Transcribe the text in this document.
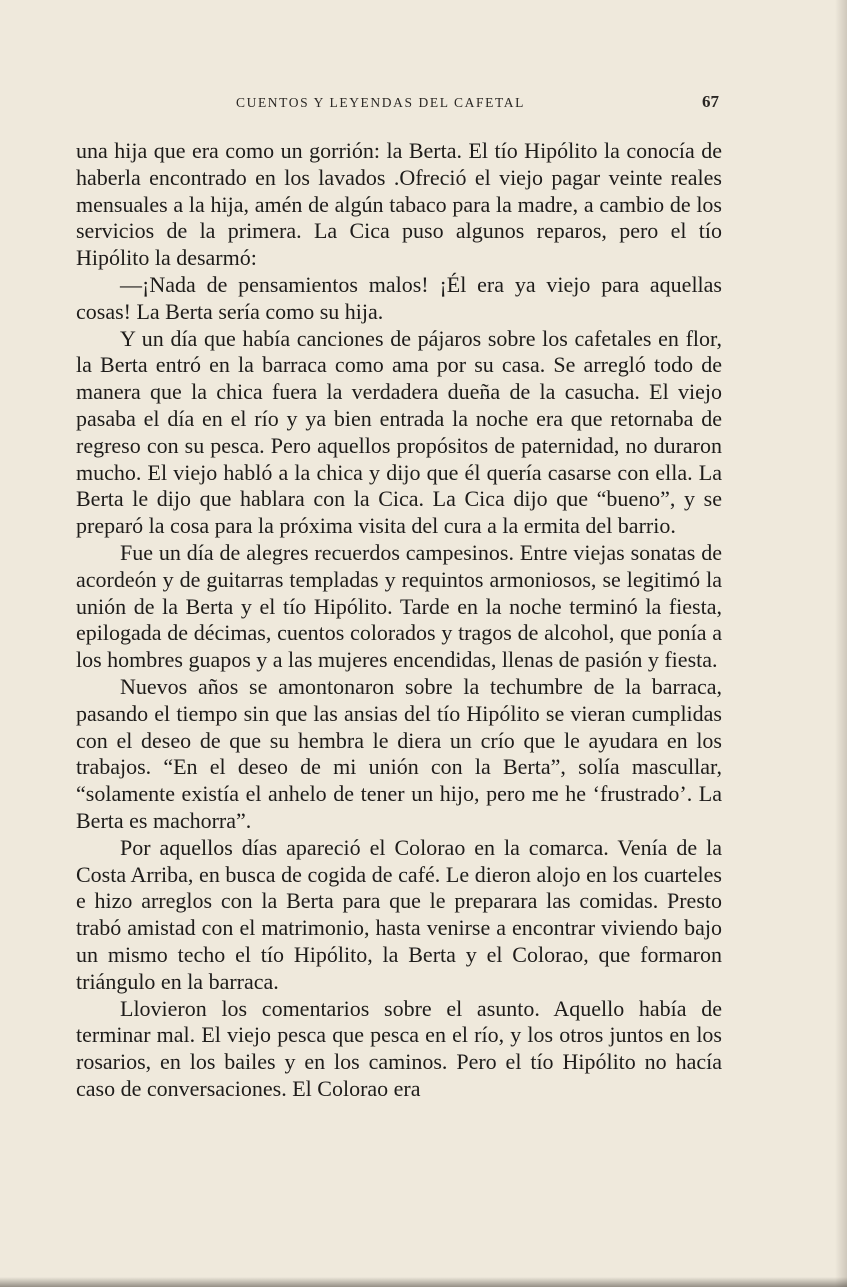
CUENTOS Y LEYENDAS DEL CAFETAL	67

una hija que era como un gorrión: la Berta. El tío Hipólito la conocía de haberla encontrado en los lavados .Ofreció el viejo pagar veinte reales mensuales a la hija, amén de algún tabaco para la madre, a cambio de los servicios de la primera. La Cica puso algunos reparos, pero el tío Hipólito la desarmó:

—¡Nada de pensamientos malos! ¡Él era ya viejo para aquellas cosas! La Berta sería como su hija.

Y un día que había canciones de pájaros sobre los cafetales en flor, la Berta entró en la barraca como ama por su casa. Se arregló todo de manera que la chica fuera la verdadera dueña de la casucha. El viejo pasaba el día en el río y ya bien entrada la noche era que retornaba de regreso con su pesca. Pero aquellos propósitos de paternidad, no duraron mucho. El viejo habló a la chica y dijo que él quería casarse con ella. La Berta le dijo que hablara con la Cica. La Cica dijo que “bueno”, y se preparó la cosa para la próxima visita del cura a la ermita del barrio.

Fue un día de alegres recuerdos campesinos. Entre viejas sonatas de acordeón y de guitarras templadas y requintos armoniosos, se legitimó la unión de la Berta y el tío Hipólito. Tarde en la noche terminó la fiesta, epilogada de décimas, cuentos colorados y tragos de alcohol, que ponía a los hombres guapos y a las mujeres encendidas, llenas de pasión y fiesta.

Nuevos años se amontonaron sobre la techumbre de la barraca, pasando el tiempo sin que las ansias del tío Hipólito se vieran cumplidas con el deseo de que su hembra le diera un crío que le ayudara en los trabajos. “En el deseo de mi unión con la Berta”, solía mascullar, “solamente existía el anhelo de tener un hijo, pero me he ‘frustrado’. La Berta es machorra”.

Por aquellos días apareció el Colorao en la comarca. Venía de la Costa Arriba, en busca de cogida de café. Le dieron alojo en los cuarteles e hizo arreglos con la Berta para que le preparara las comidas. Presto trabó amistad con el matrimonio, hasta venirse a encontrar viviendo bajo un mismo techo el tío Hipólito, la Berta y el Colorao, que formaron triángulo en la barraca.

Llovieron los comentarios sobre el asunto. Aquello había de terminar mal. El viejo pesca que pesca en el río, y los otros juntos en los rosarios, en los bailes y en los caminos. Pero el tío Hipólito no hacía caso de conversaciones. El Colorao era
